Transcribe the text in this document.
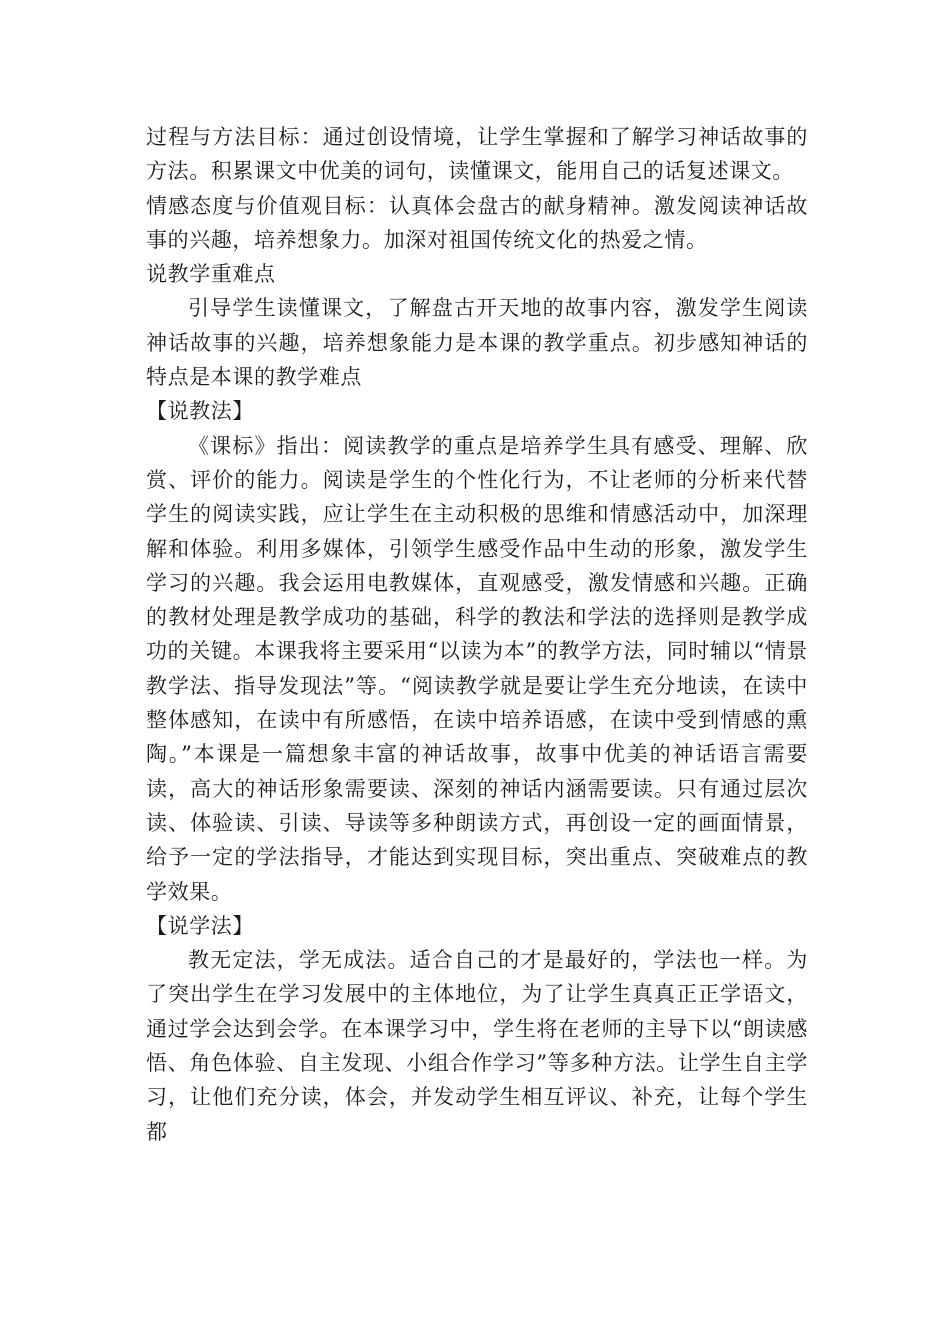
过程与方法目标：通过创设情境，让学生掌握和了解学习神话故事的方法。积累课文中优美的词句，读懂课文，能用自己的话复述课文。

情感态度与价值观目标：认真体会盘古的献身精神。激发阅读神话故事的兴趣，培养想象力。加深对祖国传统文化的热爱之情。

说教学重难点

引导学生读懂课文，了解盘古开天地的故事内容，激发学生阅读神话故事的兴趣，培养想象能力是本课的教学重点。初步感知神话的特点是本课的教学难点

【说教法】

《课标》指出：阅读教学的重点是培养学生具有感受、理解、欣赏、评价的能力。阅读是学生的个性化行为，不让老师的分析来代替学生的阅读实践，应让学生在主动积极的思维和情感活动中，加深理解和体验。利用多媒体，引领学生感受作品中生动的形象，激发学生学习的兴趣。我会运用电教媒体，直观感受，激发情感和兴趣。正确的教材处理是教学成功的基础，科学的教法和学法的选择则是教学成功的关键。本课我将主要采用“以读为本”的教学方法，同时辅以“情景教学法、指导发现法”等。“阅读教学就是要让学生充分地读，在读中整体感知，在读中有所感悟，在读中培养语感，在读中受到情感的熏陶。”本课是一篇想象丰富的神话故事，故事中优美的神话语言需要读，高大的神话形象需要读、深刻的神话内涵需要读。只有通过层次读、体验读、引读、导读等多种朗读方式，再创设一定的画面情景，给予一定的学法指导，才能达到实现目标，突出重点、突破难点的教学效果。

【说学法】

教无定法，学无成法。适合自己的才是最好的，学法也一样。为了突出学生在学习发展中的主体地位，为了让学生真真正正学语文，通过学会达到会学。在本课学习中，学生将在老师的主导下以“朗读感悟、角色体验、自主发现、小组合作学习”等多种方法。让学生自主学习，让他们充分读，体会，并发动学生相互评议、补充，让每个学生都
